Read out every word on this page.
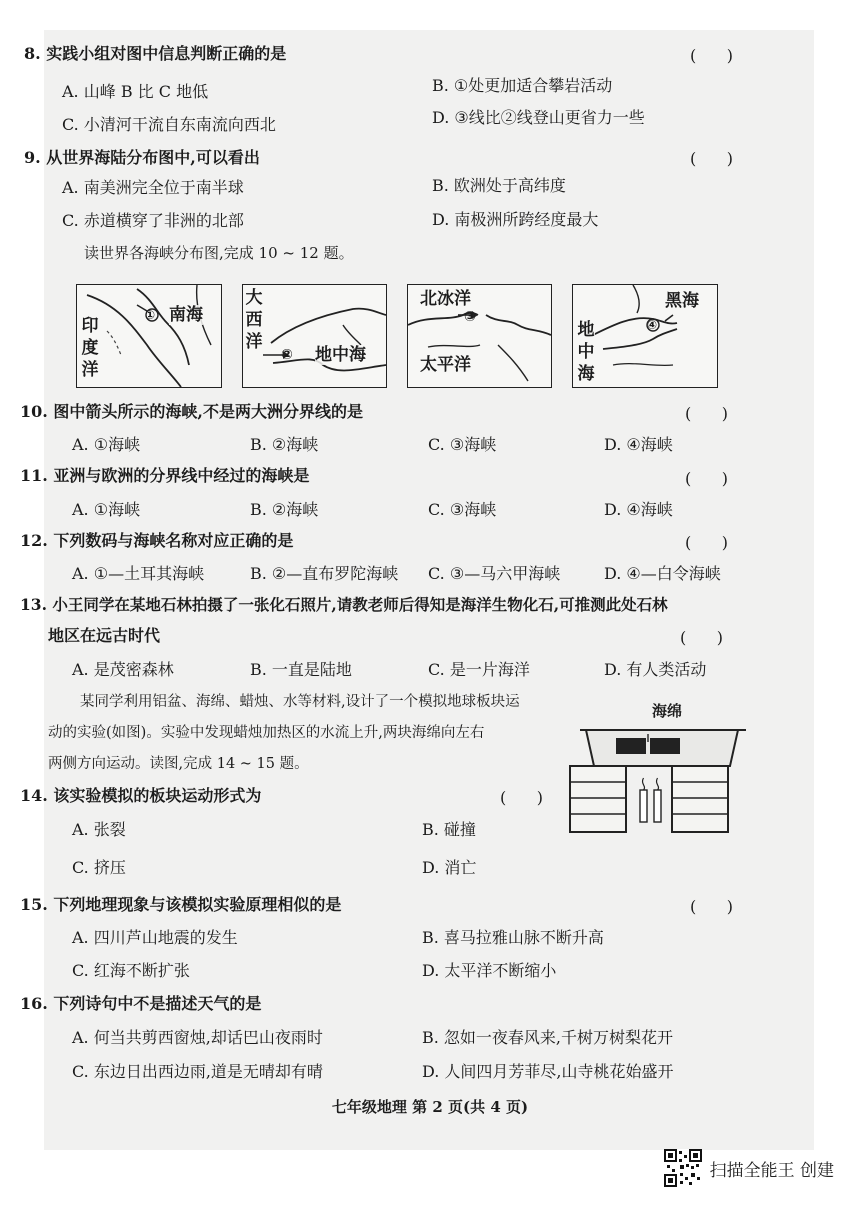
8. 实践小组对图中信息判断正确的是	(      )
A. 山峰 B 比 C 地低	B. ①处更加适合攀岩活动
C. 小清河干流自东南流向西北	D. ③线比②线登山更省力一些
9. 从世界海陆分布图中,可以看出	(      )
A. 南美洲完全位于南半球	B. 欧洲处于高纬度
C. 赤道横穿了非洲的北部	D. 南极洲所跨经度最大
读世界各海峡分布图,完成 10 ~ 12 题。
南海
印度洋
①
大西洋
地中海
②
北冰洋
太平洋
③
黑海
地中海
④
10. 图中箭头所示的海峡,不是两大洲分界线的是	(      )
A. ①海峡	B. ②海峡	C. ③海峡	D. ④海峡
11. 亚洲与欧洲的分界线中经过的海峡是	(      )
A. ①海峡	B. ②海峡	C. ③海峡	D. ④海峡
12. 下列数码与海峡名称对应正确的是	(      )
A. ①—土耳其海峡	B. ②—直布罗陀海峡 C. ③—马六甲海峡	D. ④—白令海峡
13. 小王同学在某地石林拍摄了一张化石照片,请教老师后得知是海洋生物化石,可推测此处石林
地区在远古时代	(      )
A. 是茂密森林	B. 一直是陆地	C. 是一片海洋	D. 有人类活动
某同学利用铝盆、海绵、蜡烛、水等材料,设计了一个模拟地球板块运
动的实验(如图)。实验中发现蜡烛加热区的水流上升,两块海绵向左右
两侧方向运动。读图,完成 14 ~ 15 题。
海绵
14. 该实验模拟的板块运动形式为	(      )
A. 张裂	B. 碰撞
C. 挤压	D. 消亡
15. 下列地理现象与该模拟实验原理相似的是	(      )
A. 四川芦山地震的发生	B. 喜马拉雅山脉不断升高
C. 红海不断扩张	D. 太平洋不断缩小
16. 下列诗句中不是描述天气的是
A. 何当共剪西窗烛,却话巴山夜雨时	B. 忽如一夜春风来,千树万树梨花开
C. 东边日出西边雨,道是无晴却有晴	D. 人间四月芳菲尽,山寺桃花始盛开
七年级地理 第 2 页(共 4 页)
扫描全能王 创建
